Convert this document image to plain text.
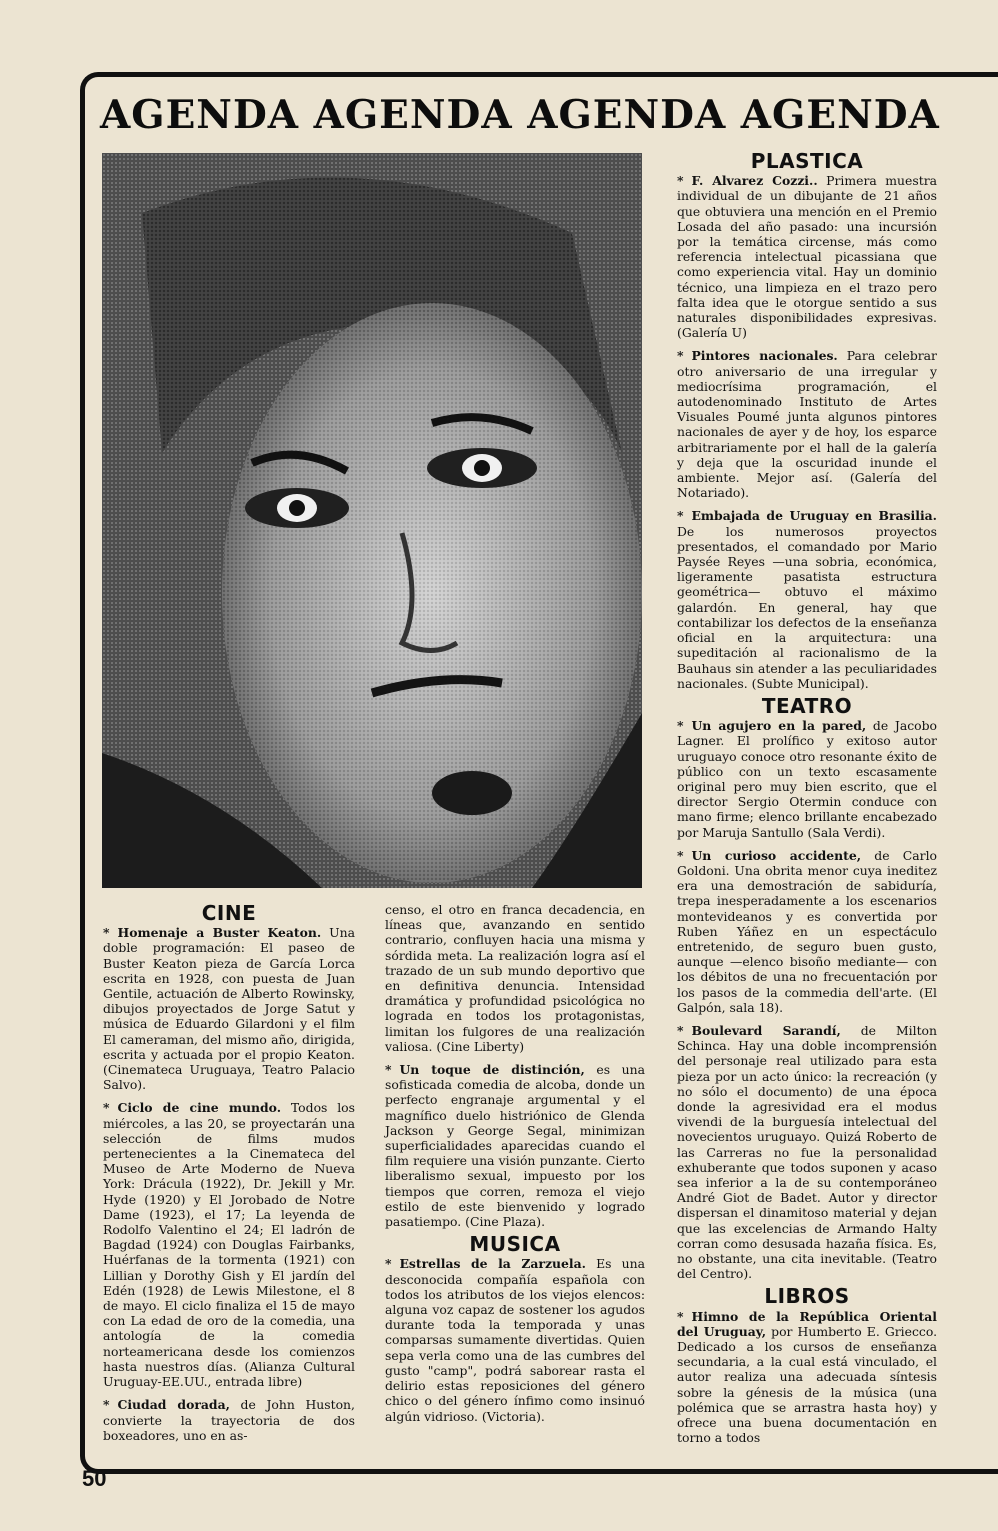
AGENDA AGENDA AGENDA AGENDA
PLASTICA

* F. Alvarez Cozzi.. Primera muestra individual de un dibujante de 21 años que obtuviera una mención en el Premio Losada del año pasado: una incursión por la temática circense, más como referencia intelectual picassiana que como experiencia vital. Hay un dominio técnico, una limpieza en el trazo pero falta idea que le otorgue sentido a sus naturales disponibilidades expresivas. (Galería U)

* Pintores nacionales. Para celebrar otro aniversario de una irregular y mediocrísima programación, el autodenominado Instituto de Artes Visuales Poumé junta algunos pintores nacionales de ayer y de hoy, los esparce arbitrariamente por el hall de la galería y deja que la oscuridad inunde el ambiente. Mejor así. (Galería del Notariado).

* Embajada de Uruguay en Brasilia. De los numerosos proyectos presentados, el comandado por Mario Paysée Reyes —una sobria, económica, ligeramente pasatista estructura geométrica— obtuvo el máximo galardón. En general, hay que contabilizar los defectos de la enseñanza oficial en la arquitectura: una supeditación al racionalismo de la Bauhaus sin atender a las peculiaridades nacionales. (Subte Municipal).

TEATRO

* Un agujero en la pared, de Jacobo Lagner. El prolífico y exitoso autor uruguayo conoce otro resonante éxito de público con un texto escasamente original pero muy bien escrito, que el director Sergio Otermin conduce con mano firme; elenco brillante encabezado por Maruja Santullo (Sala Verdi).

* Un curioso accidente, de Carlo Goldoni. Una obrita menor cuya ineditez era una demostración de sabiduría, trepa inesperadamente a los escenarios montevideanos y es convertida por Ruben Yáñez en un espectáculo entretenido, de seguro buen gusto, aunque —elenco bisoño mediante— con los débitos de una no frecuentación por los pasos de la commedia dell'arte. (El Galpón, sala 18).

* Boulevard Sarandí, de Milton Schinca. Hay una doble incomprensión del personaje real utilizado para esta pieza por un acto único: la recreación (y no sólo el documento) de una época donde la agresividad era el modus vivendi de la burguesía intelectual del novecientos uruguayo. Quizá Roberto de las Carreras no fue la personalidad exhuberante que todos suponen y acaso sea inferior a la de su contemporáneo André Giot de Badet. Autor y director dispersan el dinamitoso material y dejan que las excelencias de Armando Halty corran como desusada hazaña física. Es, no obstante, una cita inevitable. (Teatro del Centro).

LIBROS

* Himno de la República Oriental del Uruguay, por Humberto E. Griecco. Dedicado a los cursos de enseñanza secundaria, a la cual está vinculado, el autor realiza una adecuada síntesis sobre la génesis de la música (una polémica que se arrastra hasta hoy) y ofrece una buena documentación en torno a todos

CINE

* Homenaje a Buster Keaton. Una doble programación: El paseo de Buster Keaton pieza de García Lorca escrita en 1928, con puesta de Juan Gentile, actuación de Alberto Rowinsky, dibujos proyectados de Jorge Satut y música de Eduardo Gilardoni y el film El cameraman, del mismo año, dirigida, escrita y actuada por el propio Keaton. (Cinemateca Uruguaya, Teatro Palacio Salvo).

* Ciclo de cine mundo. Todos los miércoles, a las 20, se proyectarán una selección de films mudos pertenecientes a la Cinemateca del Museo de Arte Moderno de Nueva York: Drácula (1922), Dr. Jekill y Mr. Hyde (1920) y El Jorobado de Notre Dame (1923), el 17; La leyenda de Rodolfo Valentino el 24; El ladrón de Bagdad (1924) con Douglas Fairbanks, Huérfanas de la tormenta (1921) con Lillian y Dorothy Gish y El jardín del Edén (1928) de Lewis Milestone, el 8 de mayo. El ciclo finaliza el 15 de mayo con La edad de oro de la comedia, una antología de la comedia norteamericana desde los comienzos hasta nuestros días. (Alianza Cultural Uruguay-EE.UU., entrada libre)

* Ciudad dorada, de John Huston, convierte la trayectoria de dos boxeadores, uno en as-

censo, el otro en franca decadencia, en líneas que, avanzando en sentido contrario, confluyen hacia una misma y sórdida meta. La realización logra así el trazado de un sub mundo deportivo que en definitiva denuncia. Intensidad dramática y profundidad psicológica no lograda en todos los protagonistas, limitan los fulgores de una realización valiosa. (Cine Liberty)

* Un toque de distinción, es una sofisticada comedia de alcoba, donde un perfecto engranaje argumental y el magnífico duelo histriónico de Glenda Jackson y George Segal, minimizan superficialidades aparecidas cuando el film requiere una visión punzante. Cierto liberalismo sexual, impuesto por los tiempos que corren, remoza el viejo estilo de este bienvenido y logrado pasatiempo. (Cine Plaza).

MUSICA

* Estrellas de la Zarzuela. Es una desconocida compañía española con todos los atributos de los viejos elencos: alguna voz capaz de sostener los agudos durante toda la temporada y unas comparsas sumamente divertidas. Quien sepa verla como una de las cumbres del gusto "camp", podrá saborear rasta el delirio estas reposiciones del género chico o del género ínfimo como insinuó algún vidrioso. (Victoria).

50
